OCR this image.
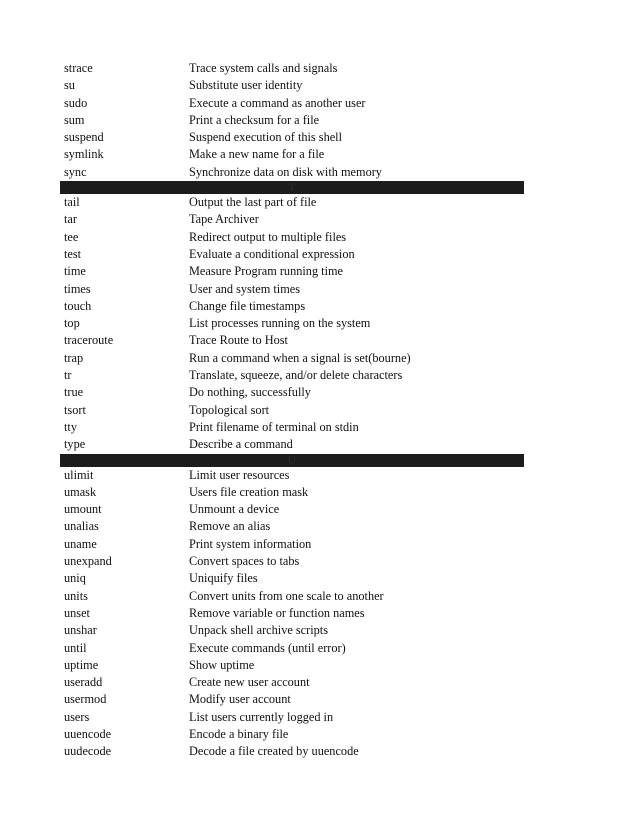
strace	Trace system calls and signals
su	Substitute user identity
sudo	Execute a command as another user
sum	Print a checksum for a file
suspend	Suspend execution of this shell
symlink	Make a new name for a file
sync	Synchronize data on disk with memory
T
tail	Output the last part of file
tar	Tape Archiver
tee	Redirect output to multiple files
test	Evaluate a conditional expression
time	Measure Program running time
times	User and system times
touch	Change file timestamps
top	List processes running on the system
traceroute	Trace Route to Host
trap	Run a command when a signal is set(bourne)
tr	Translate, squeeze, and/or delete characters
true	Do nothing, successfully
tsort	Topological sort
tty	Print filename of terminal on stdin
type	Describe a command
U
ulimit	Limit user resources
umask	Users file creation mask
umount	Unmount a device
unalias	Remove an alias
uname	Print system information
unexpand	Convert spaces to tabs
uniq	Uniquify files
units	Convert units from one scale to another
unset	Remove variable or function names
unshar	Unpack shell archive scripts
until	Execute commands (until error)
uptime	Show uptime
useradd	Create new user account
usermod	Modify user account
users	List users currently logged in
uuencode	Encode a binary file
uudecode	Decode a file created by uuencode
